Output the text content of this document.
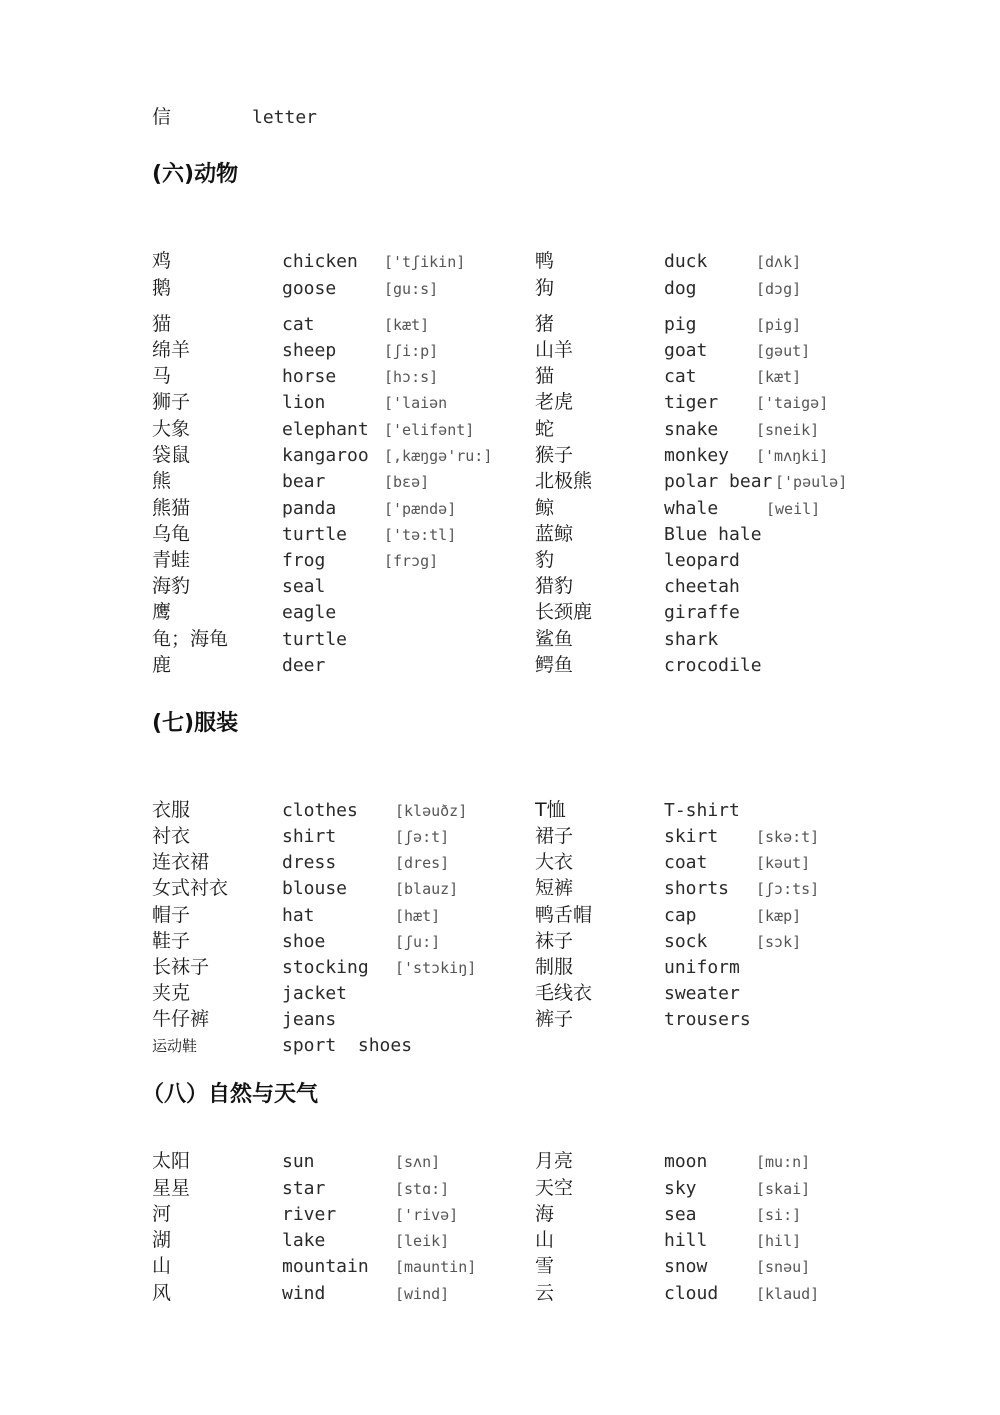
信	letter
(六)动物
鸡	chicken ['tʃikin]	鸭	duck	[dʌk]
鹅	goose	[gu:s]	狗	dog	[dɔg]
猫	cat	[kæt]	猪	pig	[pig]
绵羊	sheep	[ʃi:p]	山羊	goat	[gəut]
马	horse	[hɔ:s]	猫	cat	[kæt]
狮子	lion	['laiən	老虎	tiger	['taigə]
大象	elephant ['elifənt]	蛇	snake	[sneik]
袋鼠	kangaroo [,kæŋgə'ru:] 猴子	monkey ['mʌŋki]
熊	bear	[bεə]	北极熊	polar bear ['pəulə]
熊猫	panda	['pændə]	鲸	whale	[weil]
乌龟	turtle ['tə:tl]	蓝鲸	Blue hale
青蛙	frog	[frɔg]	豹	leopard
海豹	seal	猎豹	cheetah
鹰	eagle	长颈鹿	giraffe
龟；海龟	turtle	鲨鱼	shark
鹿	deer	鳄鱼	crocodile
(七)服装
衣服	clothes [kləuðz]	T恤	T-shirt
衬衣	shirt	[ʃə:t]	裙子	skirt	[skə:t]
连衣裙	dress	[dres]	大衣	coat	[kəut]
女式衬衣	blouse	[blauz]	短裤	shorts [ʃɔ:ts]
帽子	hat	[hæt]	鸭舌帽	cap	[kæp]
鞋子	shoe	[ʃu:]	袜子	sock	[sɔk]
长袜子	stocking ['stɔkiŋ]	制服	uniform
夹克	jacket	毛线衣	sweater
牛仔裤	jeans	裤子	trousers
运动鞋	sport  shoes
（八）自然与天气
太阳	sun	[sʌn]	月亮	moon	[mu:n]
星星	star	[stɑ:]	天空	sky	[skai]
河	river	['rivə]	海	sea	[si:]
湖	lake	[leik]	山	hill	[hil]
山	mountain [mauntin]	雪	snow	[snəu]
风	wind	[wind]	云	cloud	[klaud]
